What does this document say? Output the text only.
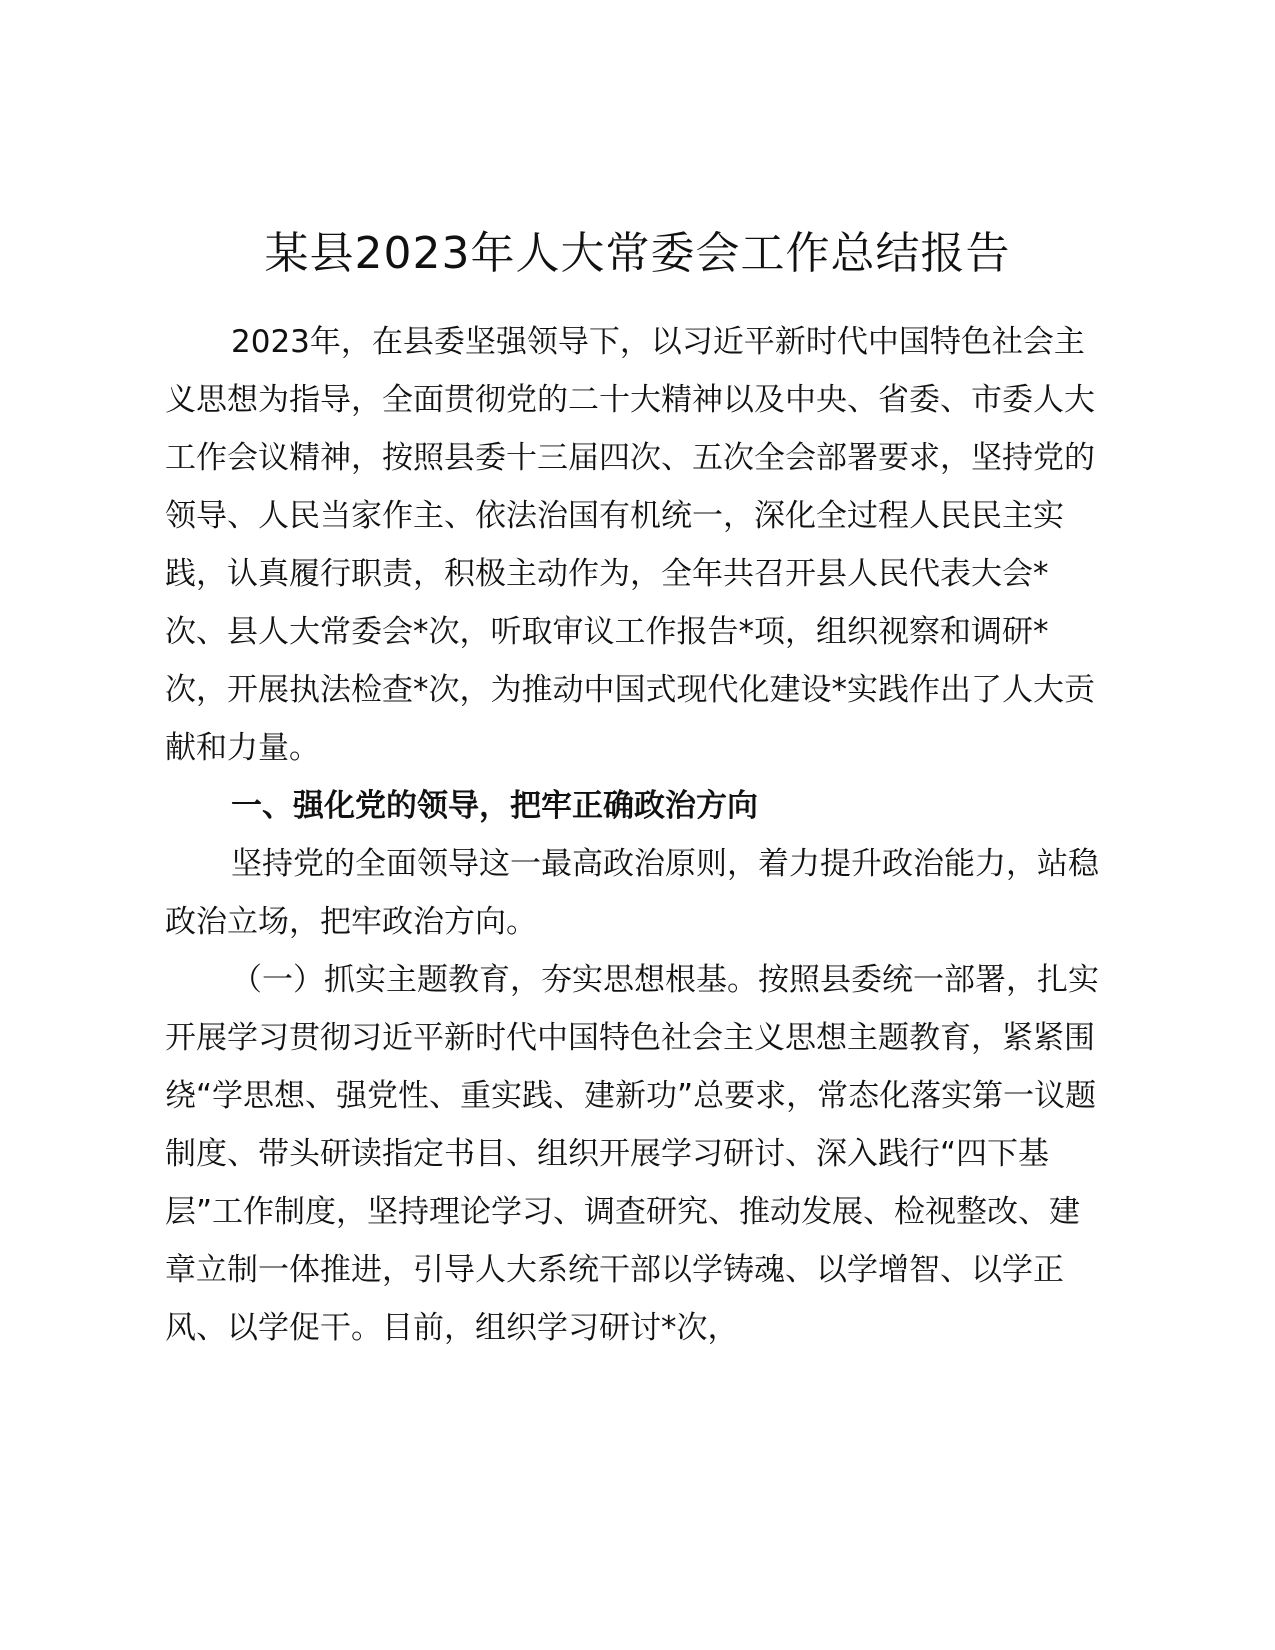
某县2023年人大常委会工作总结报告

2023年，在县委坚强领导下，以习近平新时代中国特色社会主义思想为指导，全面贯彻党的二十大精神以及中央、省委、市委人大工作会议精神，按照县委十三届四次、五次全会部署要求，坚持党的领导、人民当家作主、依法治国有机统一，深化全过程人民民主实践，认真履行职责，积极主动作为，全年共召开县人民代表大会*次、县人大常委会*次，听取审议工作报告*项，组织视察和调研*次，开展执法检查*次，为推动中国式现代化建设*实践作出了人大贡献和力量。

一、强化党的领导，把牢正确政治方向

坚持党的全面领导这一最高政治原则，着力提升政治能力，站稳政治立场，把牢政治方向。

（一）抓实主题教育，夯实思想根基。按照县委统一部署，扎实开展学习贯彻习近平新时代中国特色社会主义思想主题教育，紧紧围绕“学思想、强党性、重实践、建新功”总要求，常态化落实第一议题制度、带头研读指定书目、组织开展学习研讨、深入践行“四下基层”工作制度，坚持理论学习、调查研究、推动发展、检视整改、建章立制一体推进，引导人大系统干部以学铸魂、以学增智、以学正风、以学促干。目前，组织学习研讨*次，
